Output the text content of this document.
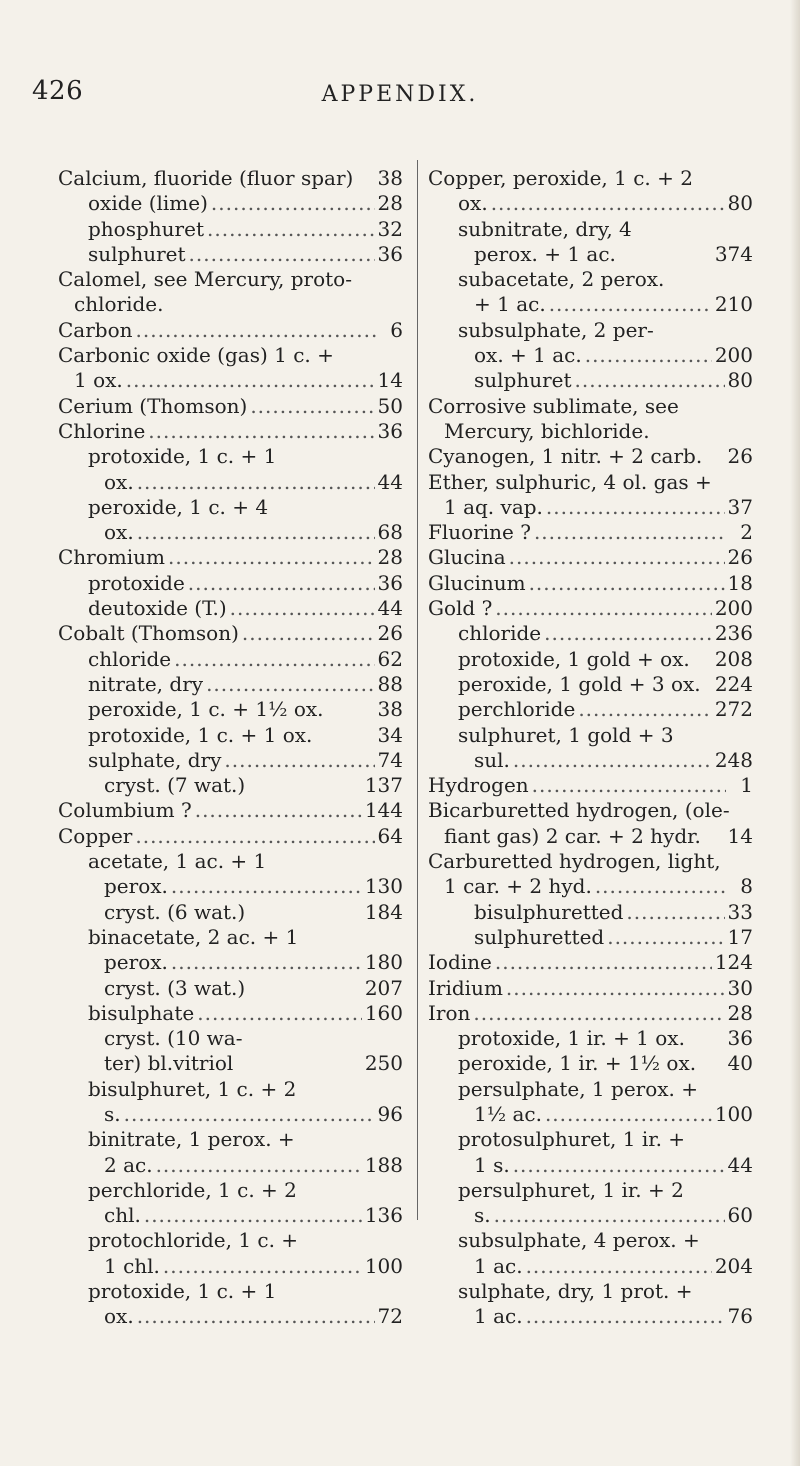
426	APPENDIX.
Calcium, fluoride (fluor spar) 38
oxide (lime) .....	28
phosphuret .....	32
sulphuret .....	36
Calomel, see Mercury, proto-
chloride.
Carbon .....	6
Carbonic oxide (gas) 1 c. +
1 ox. .....	14
Cerium (Thomson) .....	50
Chlorine .....	36
protoxide, 1 c. + 1
ox. .....	44
peroxide, 1 c. + 4
ox. .....	68
Chromium .....	28
protoxide .....	36
deutoxide (T.) .....	44
Cobalt (Thomson) .....	26
chloride .....	62
nitrate, dry .....	88
peroxide, 1 c. + 1½ ox.	38
protoxide, 1 c. + 1 ox.	34
sulphate, dry .....	74
cryst. (7 wat.)	137
Columbium ? .....	144
Copper .....	64
acetate, 1 ac. + 1
perox. .....	130
cryst. (6 wat.)	184
binacetate, 2 ac. + 1
perox. .....	180
cryst. (3 wat.)	207
bisulphate .....	160
cryst. (10 wa-
ter) bl.vitriol	250
bisulphuret, 1 c. + 2
s. .....	96
binitrate, 1 perox. +
2 ac. .....	188
perchloride, 1 c. + 2
chl. .....	136
protochloride, 1 c. +
1 chl. .....	100
protoxide, 1 c. + 1
ox. .....	72
Copper, peroxide, 1 c. + 2
ox. .....	80
subnitrate, dry, 4
perox. + 1 ac.	374
subacetate, 2 perox.
+ 1 ac. .....	210
subsulphate, 2 per-
ox. + 1 ac. .....	200
sulphuret .....	80
Corrosive sublimate, see
Mercury, bichloride.
Cyanogen, 1 nitr. + 2 carb. 26
Ether, sulphuric, 4 ol. gas +
1 aq. vap. .....	37
Fluorine ? .....	2
Glucina .....	26
Glucinum .....	18
Gold ? .....	200
chloride .....	236
protoxide, 1 gold + ox. 208
peroxide, 1 gold + 3 ox. 224
perchloride .....	272
sulphuret, 1 gold + 3
sul. .....	248
Hydrogen .....	1
Bicarburetted hydrogen, (ole-
fiant gas) 2 car. + 2 hydr. 14
Carburetted hydrogen, light,
1 car. + 2 hyd. .....	8
bisulphuretted .....	33
sulphuretted .....	17
Iodine .....	124
Iridium .....	30
Iron .....	28
protoxide, 1 ir. + 1 ox. 36
peroxide, 1 ir. + 1½ ox. 40
persulphate, 1 perox. +
1½ ac. .....	100
protosulphuret, 1 ir. +
1 s. .....	44
persulphuret, 1 ir. + 2
s. .....	60
subsulphate, 4 perox. +
1 ac. .....	204
sulphate, dry, 1 prot. +
1 ac. .....	76
